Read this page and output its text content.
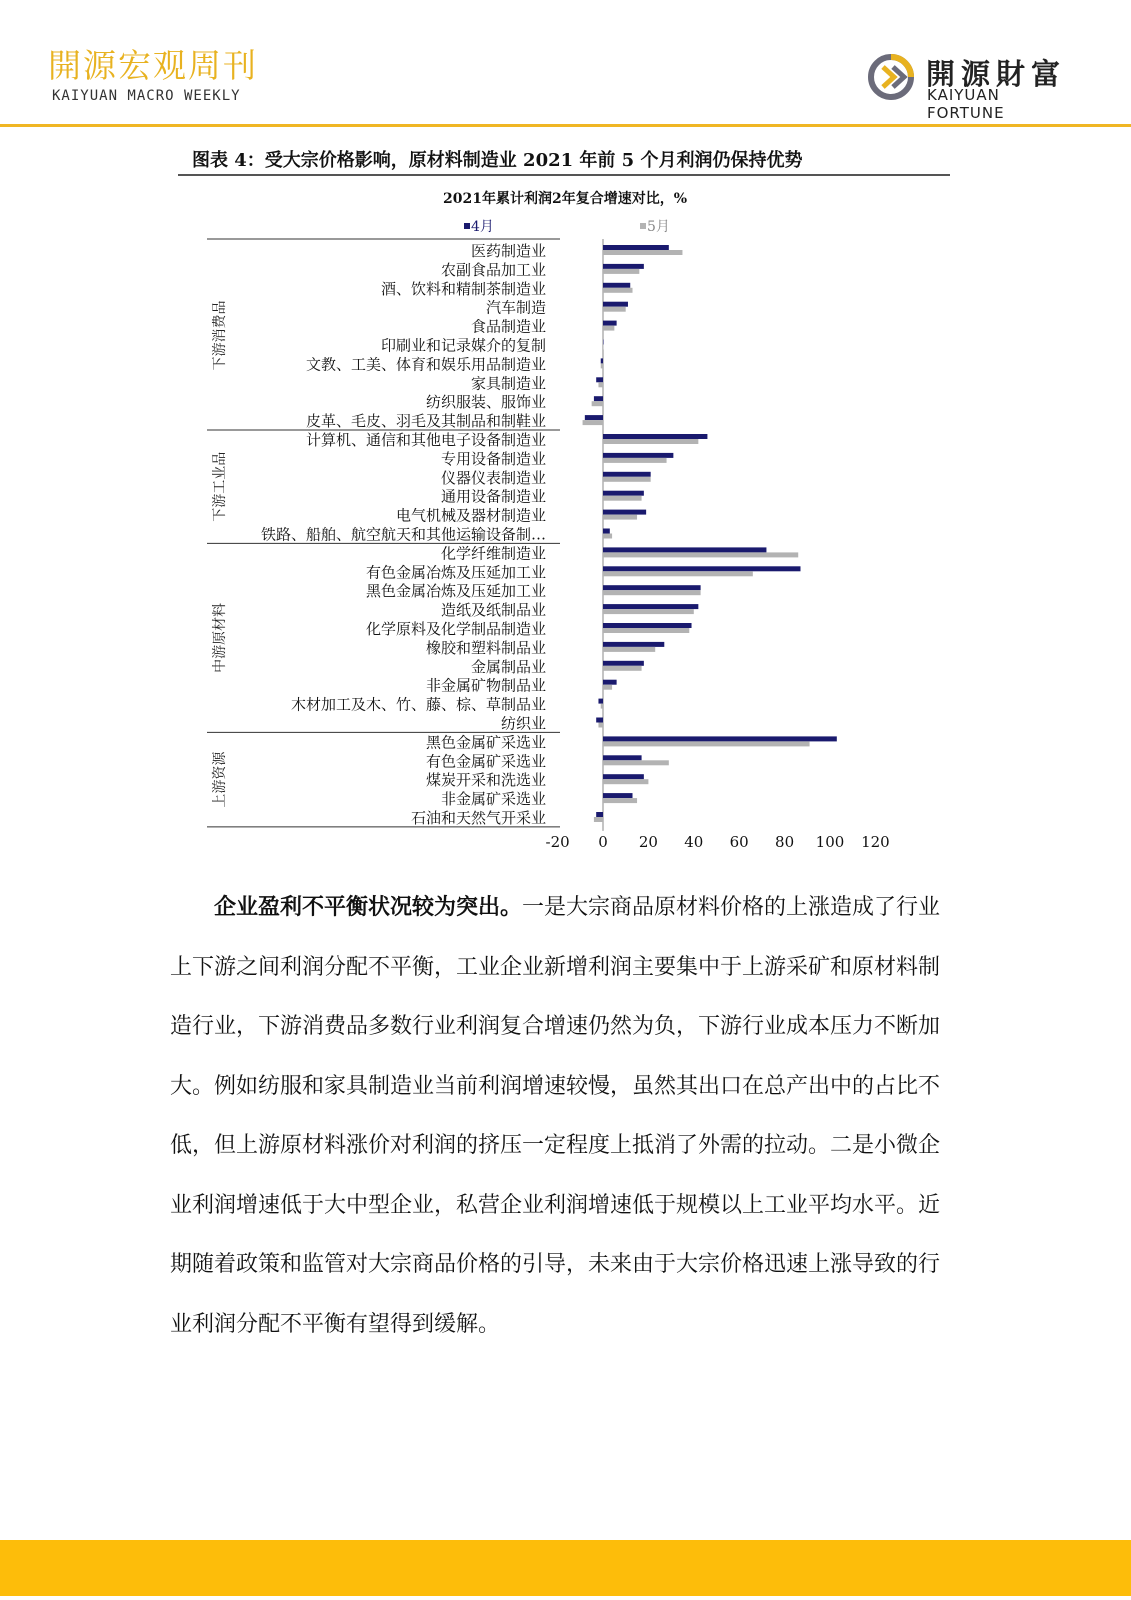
開源宏观周刊
KAIYUAN MACRO WEEKLY
開源財富
KAIYUAN FORTUNE
图表 4：受大宗价格影响，原材料制造业 2021 年前 5 个月利润仍保持优势
2021年累计利润2年复合增速对比，%
4月	5月
下游消费品
下游工业品
中游原材料
上游资源
医药制造业
农副食品加工业
酒、饮料和精制茶制造业
汽车制造
食品制造业
印刷业和记录媒介的复制
文教、工美、体育和娱乐用品制造业
家具制造业
纺织服装、服饰业
皮革、毛皮、羽毛及其制品和制鞋业
计算机、通信和其他电子设备制造业
专用设备制造业
仪器仪表制造业
通用设备制造业
电气机械及器材制造业
铁路、船舶、航空航天和其他运输设备制…
化学纤维制造业
有色金属冶炼及压延加工业
黑色金属冶炼及压延加工业
造纸及纸制品业
化学原料及化学制品制造业
橡胶和塑料制品业
金属制品业
非金属矿物制品业
木材加工及木、竹、藤、棕、草制品业
纺织业
黑色金属矿采选业
有色金属矿采选业
煤炭开采和洗选业
非金属矿采选业
石油和天然气开采业
-20 0 20 40 60 80 100 120
企业盈利不平衡状况较为突出。一是大宗商品原材料价格的上涨造成了行业上下游之间利润分配不平衡，工业企业新增利润主要集中于上游采矿和原材料制造行业，下游消费品多数行业利润复合增速仍然为负，下游行业成本压力不断加大。例如纺服和家具制造业当前利润增速较慢，虽然其出口在总产出中的占比不低，但上游原材料涨价对利润的挤压一定程度上抵消了外需的拉动。二是小微企业利润增速低于大中型企业，私营企业利润增速低于规模以上工业平均水平。近期随着政策和监管对大宗商品价格的引导，未来由于大宗价格迅速上涨导致的行业利润分配不平衡有望得到缓解。
